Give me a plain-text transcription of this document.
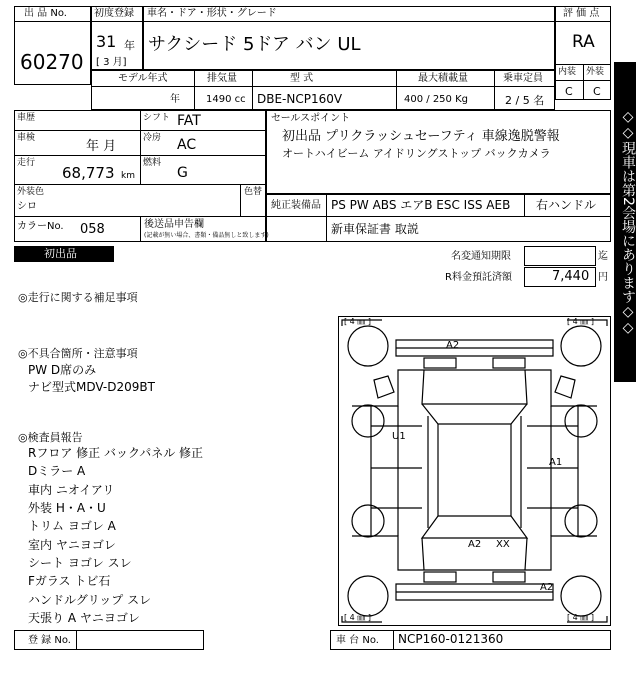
出 品 No.
60270
初度登録
31 年
[ 3 月]
車名・ドア・形状・グレード
サクシード 5ドア バン UL
評 価 点
RA
内装 外装
C C
モデル年式	排気量	型 式	最大積載量	乗車定員
年	1490 cc DBE-NCP160V	400 / 250 Kg	2 / 5 名
車歴	シフト FAT
車検
年 月
冷房 AC
走行
68,773 km
燃料
G
外装色
シロ
色替
カラーNo. 058	後送品申告欄
(記載が無い場合、書類・備品無しと致します)
セールスポイント
初出品 プリクラッシュセーフティ 車線逸脱警報
オートハイビーム アイドリングストップ バックカメラ
純正装備品 PS PW ABS エアB ESC ISS AEB 右ハンドル
新車保証書 取説
初出品	名変通知期限	迄
R料金預託済額	7,440 円
◎走行に関する補足事項
◎不具合箇所・注意事項
PW D席のみ
ナビ型式MDV-D209BT
◎検査員報告
Rフロア 修正 バックパネル 修正
Dミラー A
車内 ニオイアリ
外装 H・A・U
トリム ヨゴレ A
室内 ヤニヨゴレ
シート ヨゴレ スレ
Fガラス トビ石
ハンドルグリップ スレ
天張り A ヤニヨゴレ
[ 4 ㎜ ]	[ 4 ㎜ ]
[ 4 ㎜ ]	[ 4 ㎜ ]
A2
U1
A1
A2 XX
A2
登 録 No.	車 台 No. NCP160-0121360
◇◇現車は第2会場にあります◇◇
